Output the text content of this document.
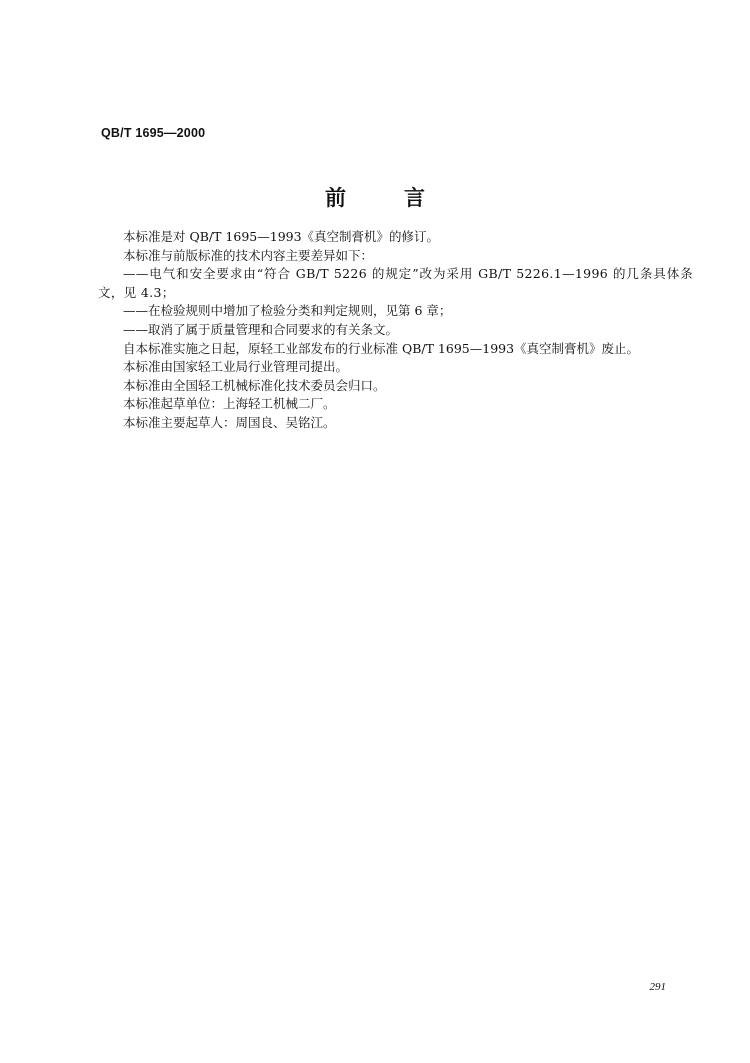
QB/T 1695—2000
前	言

本标准是对 QB/T 1695—1993《真空制膏机》的修订。

本标准与前版标准的技术内容主要差异如下：

——电气和安全要求由“符合 GB/T 5226 的规定”改为采用 GB/T 5226.1—1996 的几条具体条文，见 4.3；

——在检验规则中增加了检验分类和判定规则，见第 6 章；

——取消了属于质量管理和合同要求的有关条文。

自本标准实施之日起，原轻工业部发布的行业标准 QB/T 1695—1993《真空制膏机》废止。

本标准由国家轻工业局行业管理司提出。

本标准由全国轻工机械标准化技术委员会归口。

本标准起草单位：上海轻工机械二厂。

本标准主要起草人：周国良、吴铭江。

291
